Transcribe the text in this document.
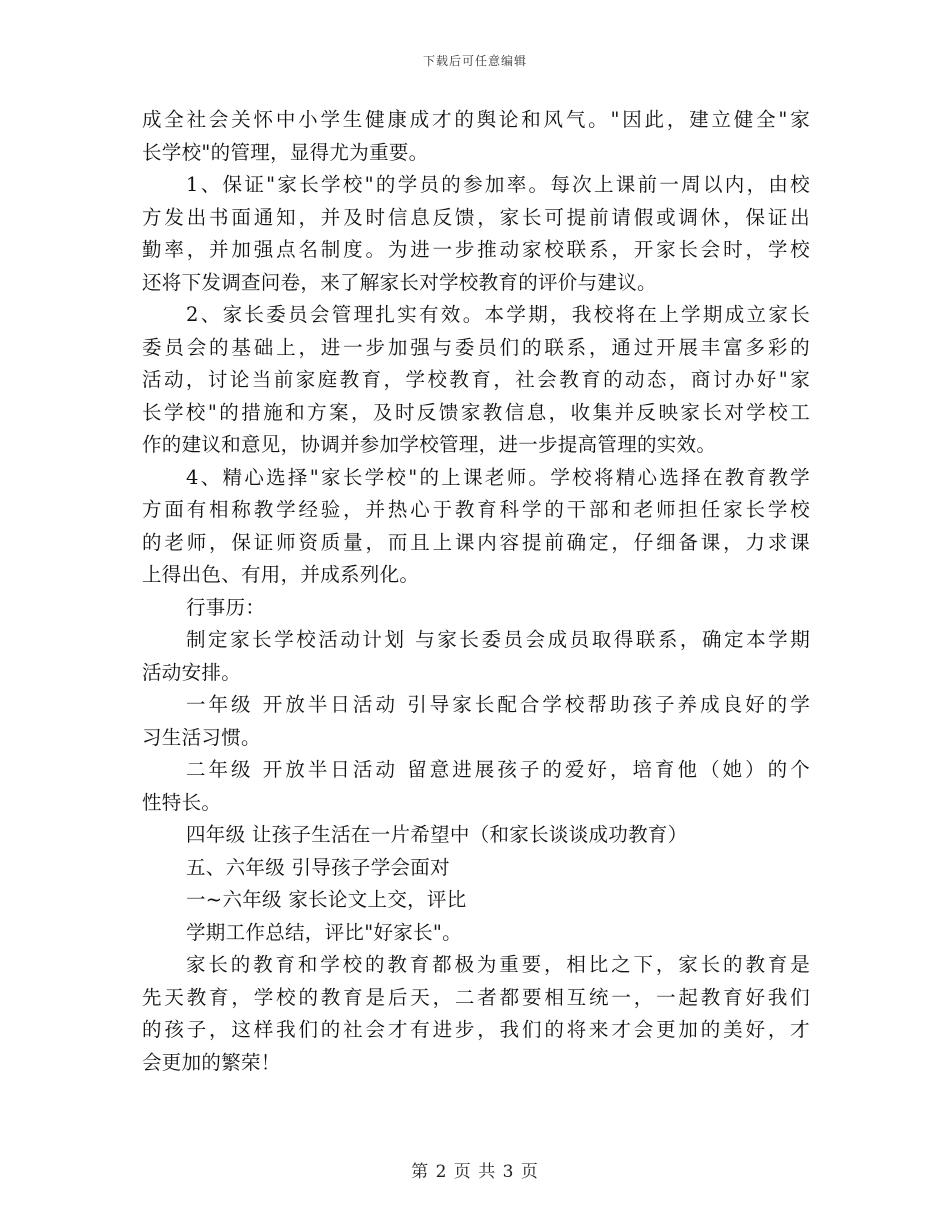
下载后可任意编辑
成全社会关怀中小学生健康成才的舆论和风气。"因此，建立健全"家
长学校"的管理，显得尤为重要。
1、保证"家长学校"的学员的参加率。每次上课前一周以内，由校
方发出书面通知，并及时信息反馈，家长可提前请假或调休，保证出
勤率，并加强点名制度。为进一步推动家校联系，开家长会时，学校
还将下发调查问卷，来了解家长对学校教育的评价与建议。
2、家长委员会管理扎实有效。本学期，我校将在上学期成立家长
委员会的基础上，进一步加强与委员们的联系，通过开展丰富多彩的
活动，讨论当前家庭教育，学校教育，社会教育的动态，商讨办好"家
长学校"的措施和方案，及时反馈家教信息，收集并反映家长对学校工
作的建议和意见，协调并参加学校管理，进一步提高管理的实效。
4、精心选择"家长学校"的上课老师。学校将精心选择在教育教学
方面有相称教学经验，并热心于教育科学的干部和老师担任家长学校
的老师，保证师资质量，而且上课内容提前确定，仔细备课，力求课
上得出色、有用，并成系列化。
行事历：
制定家长学校活动计划 与家长委员会成员取得联系，确定本学期
活动安排。
一年级 开放半日活动 引导家长配合学校帮助孩子养成良好的学
习生活习惯。
二年级 开放半日活动 留意进展孩子的爱好，培育他（她）的个
性特长。
四年级 让孩子生活在一片希望中（和家长谈谈成功教育）
五、六年级 引导孩子学会面对
一~六年级 家长论文上交，评比
学期工作总结，评比"好家长"。
家长的教育和学校的教育都极为重要，相比之下，家长的教育是
先天教育，学校的教育是后天，二者都要相互统一，一起教育好我们
的孩子，这样我们的社会才有进步，我们的将来才会更加的美好，才
会更加的繁荣！
第 2 页 共 3 页
